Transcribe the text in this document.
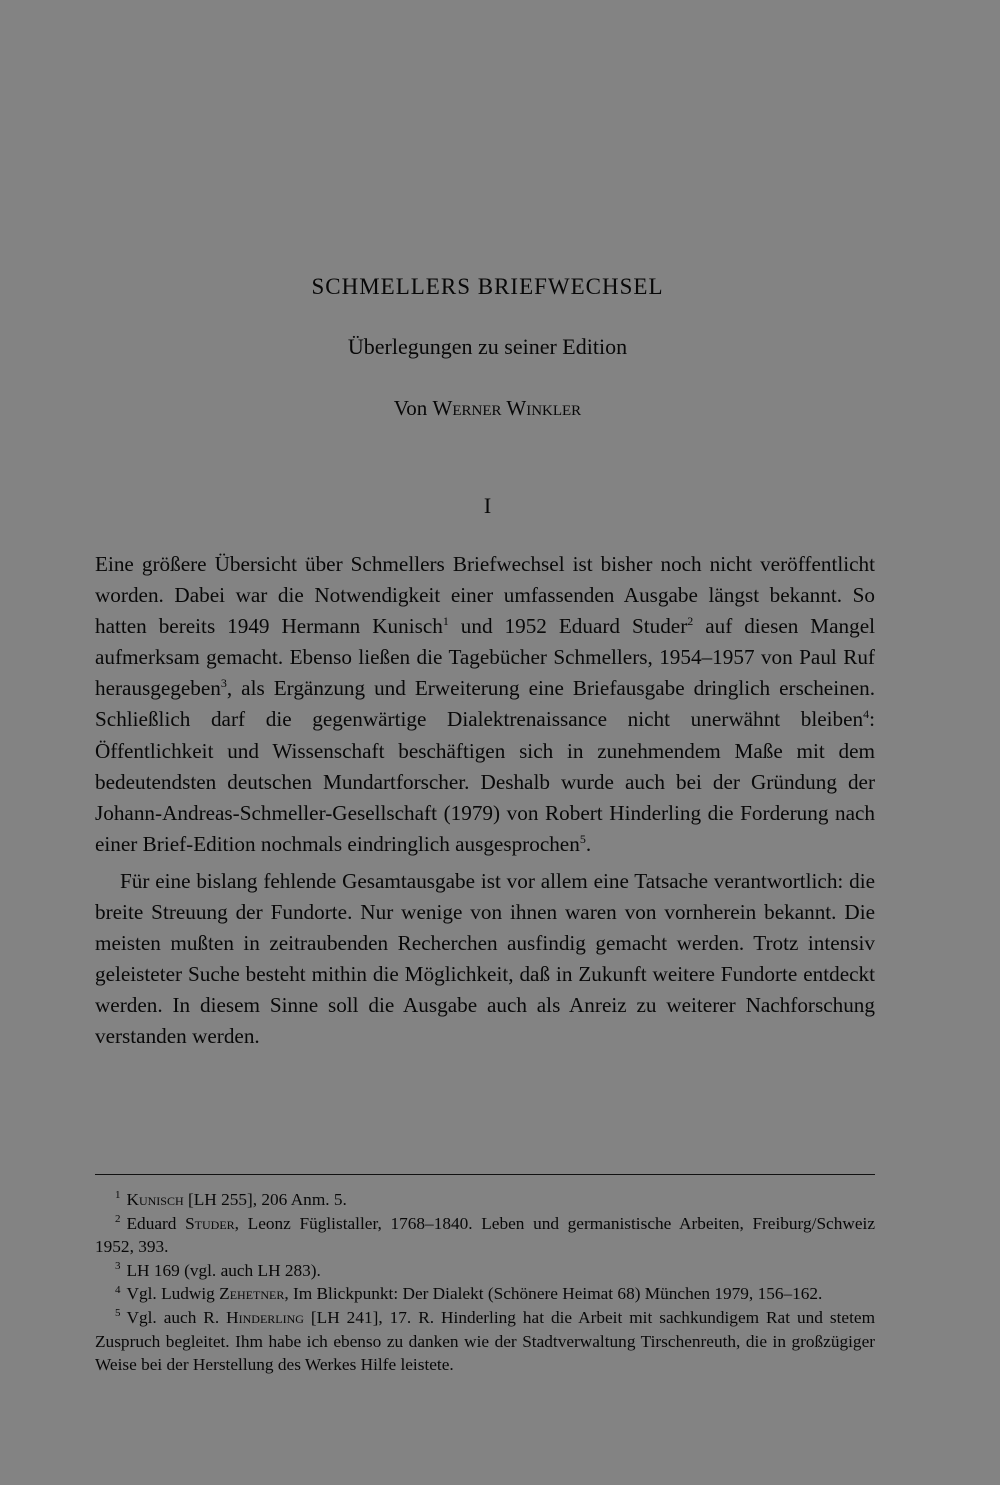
SCHMELLERS BRIEFWECHSEL
Überlegungen zu seiner Edition
Von Werner Winkler
I

Eine größere Übersicht über Schmellers Briefwechsel ist bisher noch nicht veröffentlicht worden. Dabei war die Notwendigkeit einer umfassenden Ausgabe längst bekannt. So hatten bereits 1949 Hermann Kunisch$^1$ und 1952 Eduard Studer$^2$ auf diesen Mangel aufmerksam gemacht. Ebenso ließen die Tagebücher Schmellers, 1954–1957 von Paul Ruf herausgegeben$^3$, als Ergänzung und Erweiterung eine Briefausgabe dringlich erscheinen. Schließlich darf die gegenwärtige Dialektrenaissance nicht unerwähnt bleiben$^4$: Öffentlichkeit und Wissenschaft beschäftigen sich in zunehmendem Maße mit dem bedeutendsten deutschen Mundartforscher. Deshalb wurde auch bei der Gründung der Johann-Andreas-Schmeller-Gesellschaft (1979) von Robert Hinderling die Forderung nach einer Brief-Edition nochmals eindringlich ausgesprochen$^5$.

Für eine bislang fehlende Gesamtausgabe ist vor allem eine Tatsache verantwortlich: die breite Streuung der Fundorte. Nur wenige von ihnen waren von vornherein bekannt. Die meisten mußten in zeitraubenden Recherchen ausfindig gemacht werden. Trotz intensiv geleisteter Suche besteht mithin die Möglichkeit, daß in Zukunft weitere Fundorte entdeckt werden. In diesem Sinne soll die Ausgabe auch als Anreiz zu weiterer Nachforschung verstanden werden.

$^1$ Kunisch [LH 255], 206 Anm. 5.

$^2$ Eduard Studer, Leonz Füglistaller, 1768–1840. Leben und germanistische Arbeiten, Freiburg/Schweiz 1952, 393.

$^3$ LH 169 (vgl. auch LH 283).

$^4$ Vgl. Ludwig Zehetner, Im Blickpunkt: Der Dialekt (Schönere Heimat 68) München 1979, 156–162.

$^5$ Vgl. auch R. Hinderling [LH 241], 17. R. Hinderling hat die Arbeit mit sachkundigem Rat und stetem Zuspruch begleitet. Ihm habe ich ebenso zu danken wie der Stadtverwaltung Tirschenreuth, die in großzügiger Weise bei der Herstellung des Werkes Hilfe leistete.
